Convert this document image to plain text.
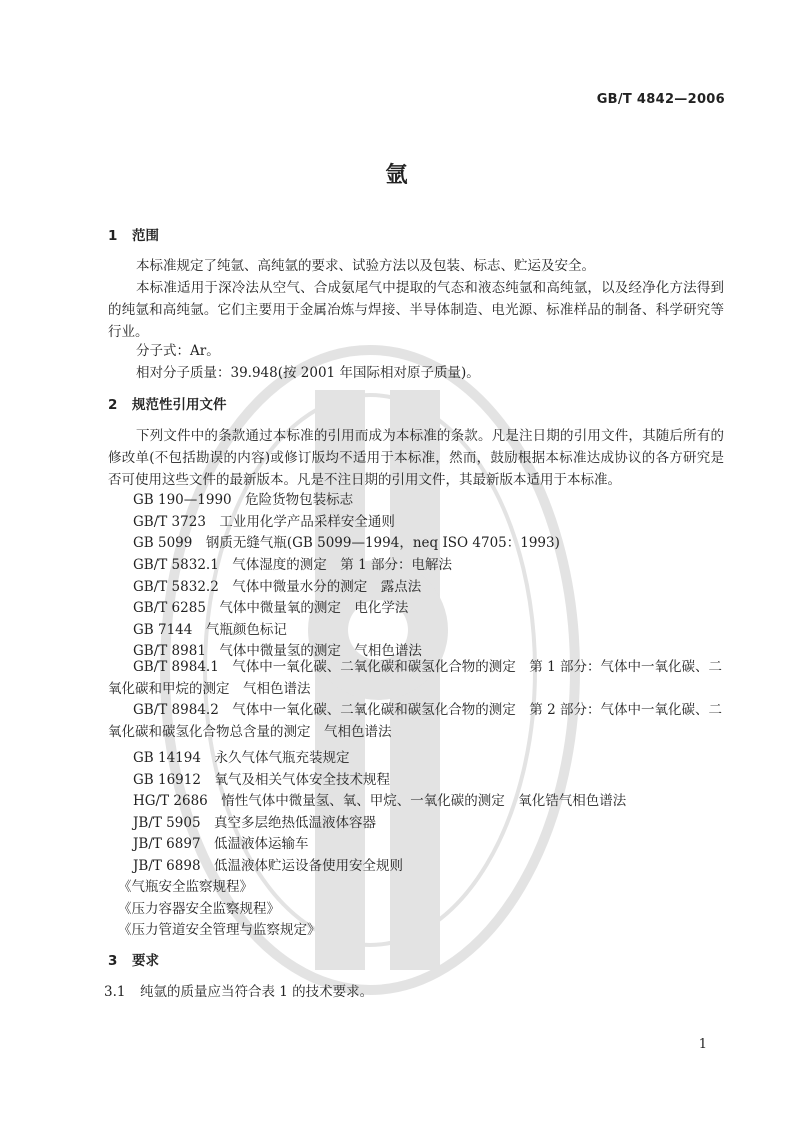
GB/T 4842—2006
氩
1 范围
本标准规定了纯氩、高纯氩的要求、试验方法以及包装、标志、贮运及安全。
本标准适用于深冷法从空气、合成氨尾气中提取的气态和液态纯氩和高纯氩，以及经净化方法得到的纯氩和高纯氩。它们主要用于金属冶炼与焊接、半导体制造、电光源、标准样品的制备、科学研究等行业。
分子式：Ar。
相对分子质量：39.948(按 2001 年国际相对原子质量)。
2 规范性引用文件
下列文件中的条款通过本标准的引用而成为本标准的条款。凡是注日期的引用文件，其随后所有的修改单(不包括勘误的内容)或修订版均不适用于本标准，然而，鼓励根据本标准达成协议的各方研究是否可使用这些文件的最新版本。凡是不注日期的引用文件，其最新版本适用于本标准。
GB 190—1990　危险货物包装标志
GB/T 3723　工业用化学产品采样安全通则
GB 5099　钢质无缝气瓶(GB 5099—1994，neq ISO 4705：1993)
GB/T 5832.1　气体湿度的测定　第 1 部分：电解法
GB/T 5832.2　气体中微量水分的测定　露点法
GB/T 6285　气体中微量氧的测定　电化学法
GB 7144　气瓶颜色标记
GB/T 8981　气体中微量氢的测定　气相色谱法
GB/T 8984.1　气体中一氧化碳、二氧化碳和碳氢化合物的测定　第 1 部分：气体中一氧化碳、二氧化碳和甲烷的测定　气相色谱法
GB/T 8984.2　气体中一氧化碳、二氧化碳和碳氢化合物的测定　第 2 部分：气体中一氧化碳、二氧化碳和碳氢化合物总含量的测定　气相色谱法
GB 14194　永久气体气瓶充装规定
GB 16912　氧气及相关气体安全技术规程
HG/T 2686　惰性气体中微量氢、氧、甲烷、一氧化碳的测定　氧化锆气相色谱法
JB/T 5905　真空多层绝热低温液体容器
JB/T 6897　低温液体运输车
JB/T 6898　低温液体贮运设备使用安全规则
《气瓶安全监察规程》
《压力容器安全监察规程》
《压力管道安全管理与监察规定》
3 要求
3.1 纯氩的质量应当符合表 1 的技术要求。
1
